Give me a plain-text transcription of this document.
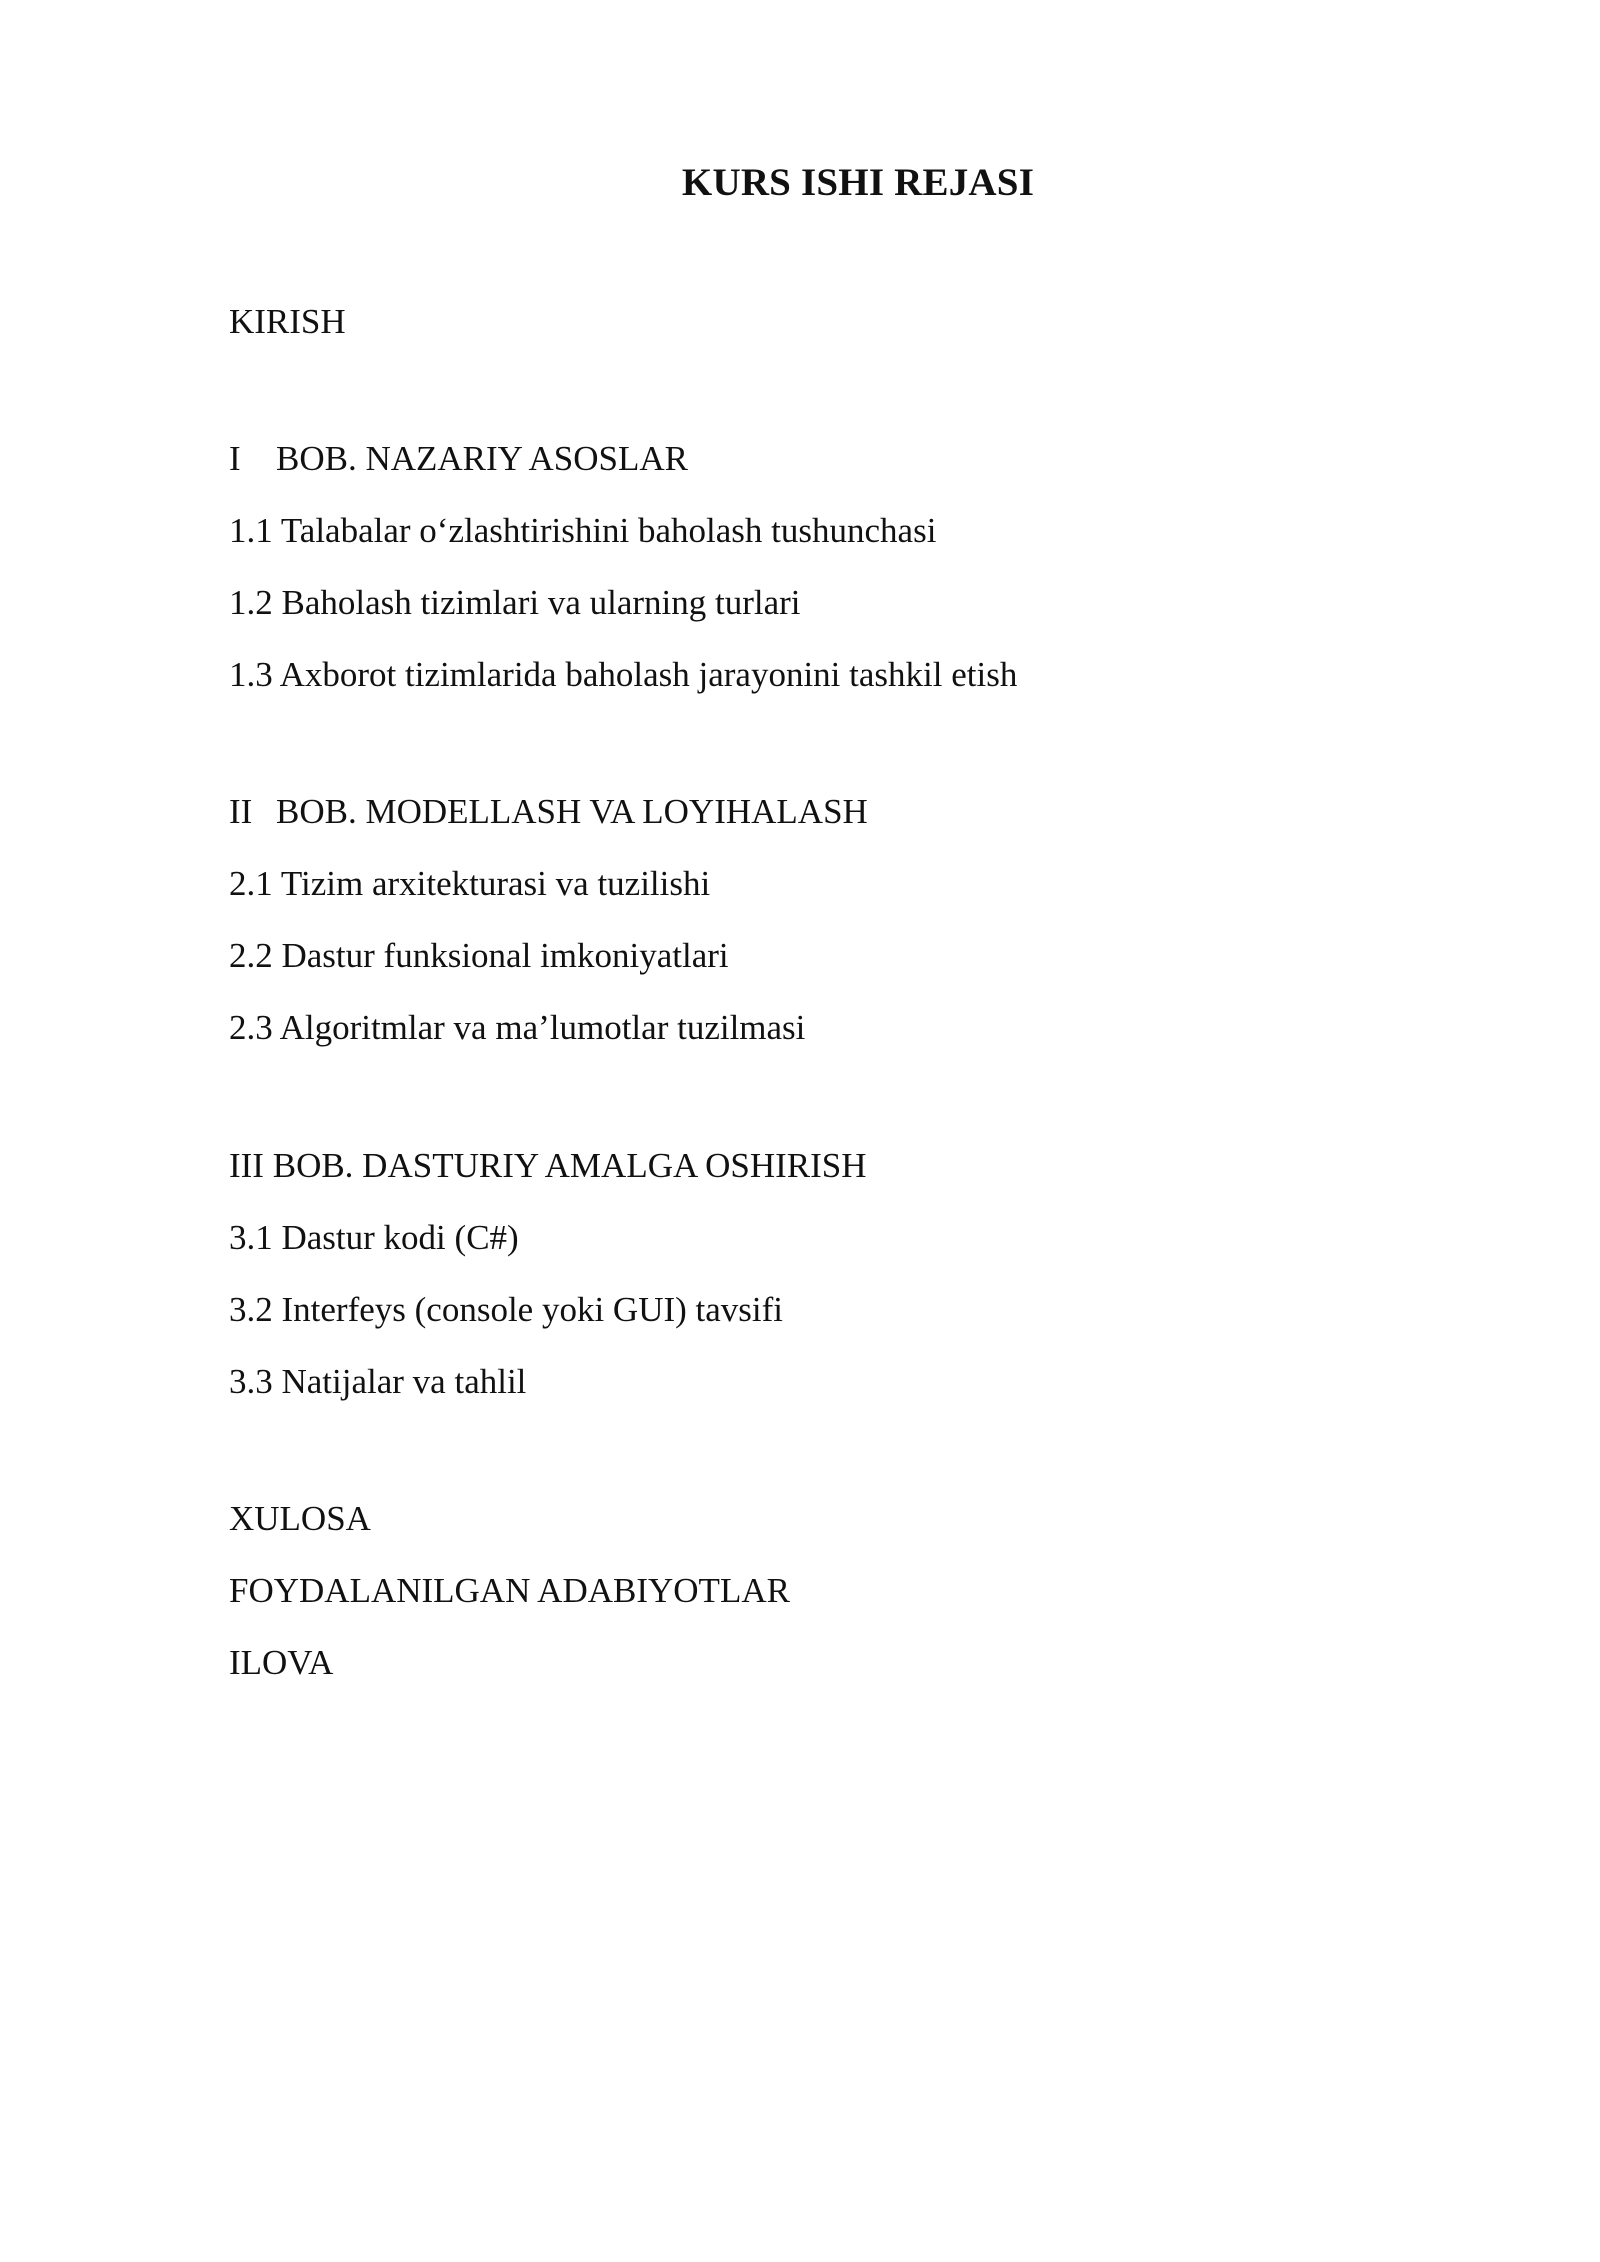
KURS ISHI REJASI

KIRISH

I BOB. NAZARIY ASOSLAR

1.1 Talabalar o‘zlashtirishini baholash tushunchasi

1.2 Baholash tizimlari va ularning turlari

1.3 Axborot tizimlarida baholash jarayonini tashkil etish

II BOB. MODELLASH VA LOYIHALASH

2.1 Tizim arxitekturasi va tuzilishi

2.2 Dastur funksional imkoniyatlari

2.3 Algoritmlar va ma’lumotlar tuzilmasi

III BOB. DASTURIY AMALGA OSHIRISH

3.1 Dastur kodi (C#)

3.2 Interfeys (console yoki GUI) tavsifi

3.3 Natijalar va tahlil

XULOSA

FOYDALANILGAN ADABIYOTLAR

ILOVA
